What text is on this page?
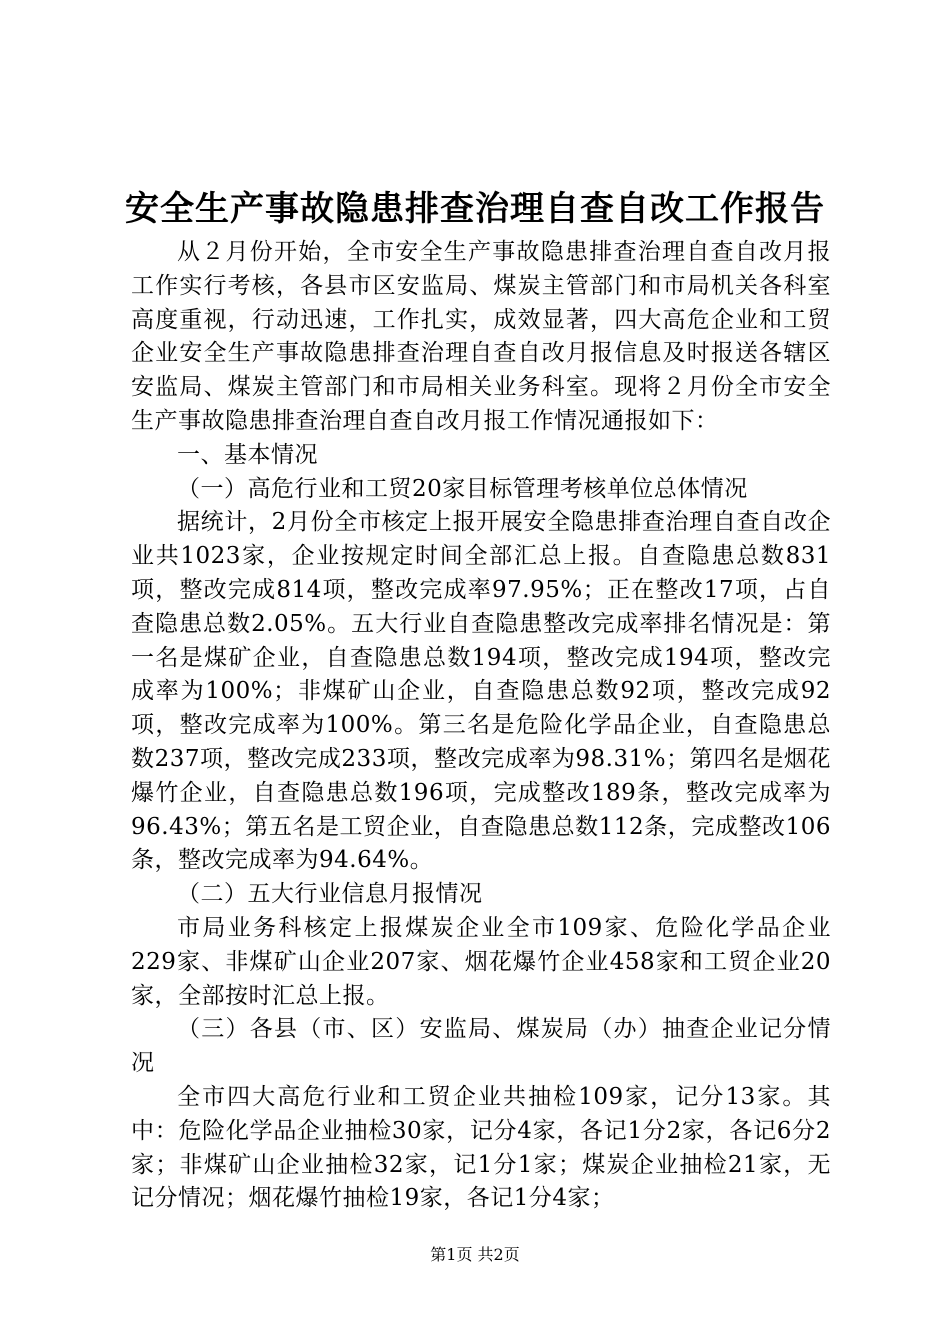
安全生产事故隐患排查治理自查自改工作报告

从２月份开始，全市安全生产事故隐患排查治理自查自改月报工作实行考核，各县市区安监局、煤炭主管部门和市局机关各科室高度重视，行动迅速，工作扎实，成效显著，四大高危企业和工贸企业安全生产事故隐患排查治理自查自改月报信息及时报送各辖区安监局、煤炭主管部门和市局相关业务科室。现将２月份全市安全生产事故隐患排查治理自查自改月报工作情况通报如下：

一、基本情况

（一）高危行业和工贸20家目标管理考核单位总体情况

据统计，2月份全市核定上报开展安全隐患排查治理自查自改企业共1023家，企业按规定时间全部汇总上报。自查隐患总数831项，整改完成814项，整改完成率97.95%；正在整改17项，占自查隐患总数2.05%。五大行业自查隐患整改完成率排名情况是：第一名是煤矿企业，自查隐患总数194项，整改完成194项，整改完成率为100%；非煤矿山企业，自查隐患总数92项，整改完成92项，整改完成率为100%。第三名是危险化学品企业，自查隐患总数237项，整改完成233项，整改完成率为98.31%；第四名是烟花爆竹企业，自查隐患总数196项，完成整改189条，整改完成率为96.43%；第五名是工贸企业，自查隐患总数112条，完成整改106条，整改完成率为94.64%。

（二）五大行业信息月报情况

市局业务科核定上报煤炭企业全市109家、危险化学品企业229家、非煤矿山企业207家、烟花爆竹企业458家和工贸企业20家，全部按时汇总上报。

（三）各县（市、区）安监局、煤炭局（办）抽查企业记分情况

全市四大高危行业和工贸企业共抽检109家，记分13家。其中：危险化学品企业抽检30家，记分4家，各记1分2家，各记6分2家；非煤矿山企业抽检32家，记1分1家；煤炭企业抽检21家，无记分情况；烟花爆竹抽检19家，各记1分4家；

第1页 共2页
